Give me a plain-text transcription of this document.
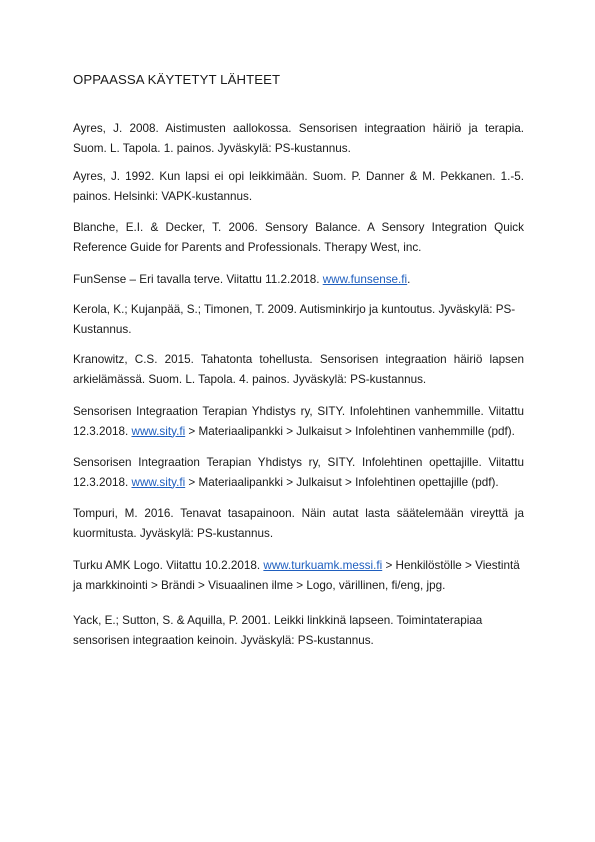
OPPAASSA KÄYTETYT LÄHTEET
Ayres, J. 2008. Aistimusten aallokossa. Sensorisen integraation häiriö ja terapia. Suom. L. Tapola. 1. painos. Jyväskylä: PS-kustannus.
Ayres, J. 1992. Kun lapsi ei opi leikkimään. Suom. P. Danner & M. Pekkanen. 1.-5. painos. Helsinki: VAPK-kustannus.
Blanche, E.I. & Decker, T. 2006. Sensory Balance. A Sensory Integration Quick Reference Guide for Parents and Professionals. Therapy West, inc.
FunSense – Eri tavalla terve. Viitattu 11.2.2018. www.funsense.fi.
Kerola, K.; Kujanpää, S.; Timonen, T. 2009. Autisminkirjo ja kuntoutus. Jyväskylä: PS-Kustannus.
Kranowitz, C.S. 2015. Tahatonta tohellusta. Sensorisen integraation häiriö lapsen arkielämässä. Suom. L. Tapola. 4. painos. Jyväskylä: PS-kustannus.
Sensorisen Integraation Terapian Yhdistys ry, SITY. Infolehtinen vanhemmille. Viitattu 12.3.2018. www.sity.fi > Materiaalipankki > Julkaisut > Infolehtinen vanhemmille (pdf).
Sensorisen Integraation Terapian Yhdistys ry, SITY. Infolehtinen opettajille. Viitattu 12.3.2018. www.sity.fi > Materiaalipankki > Julkaisut > Infolehtinen opettajille (pdf).
Tompuri, M. 2016. Tenavat tasapainoon. Näin autat lasta säätelemään vireyttä ja kuormitusta. Jyväskylä: PS-kustannus.
Turku AMK Logo. Viitattu 10.2.2018. www.turkuamk.messi.fi > Henkilöstölle > Viestintä ja markkinointi > Brändi > Visuaalinen ilme > Logo, värillinen, fi/eng, jpg.
Yack, E.; Sutton, S. & Aquilla, P. 2001. Leikki linkkinä lapseen. Toimintaterapiaa sensorisen integraation keinoin. Jyväskylä: PS-kustannus.
